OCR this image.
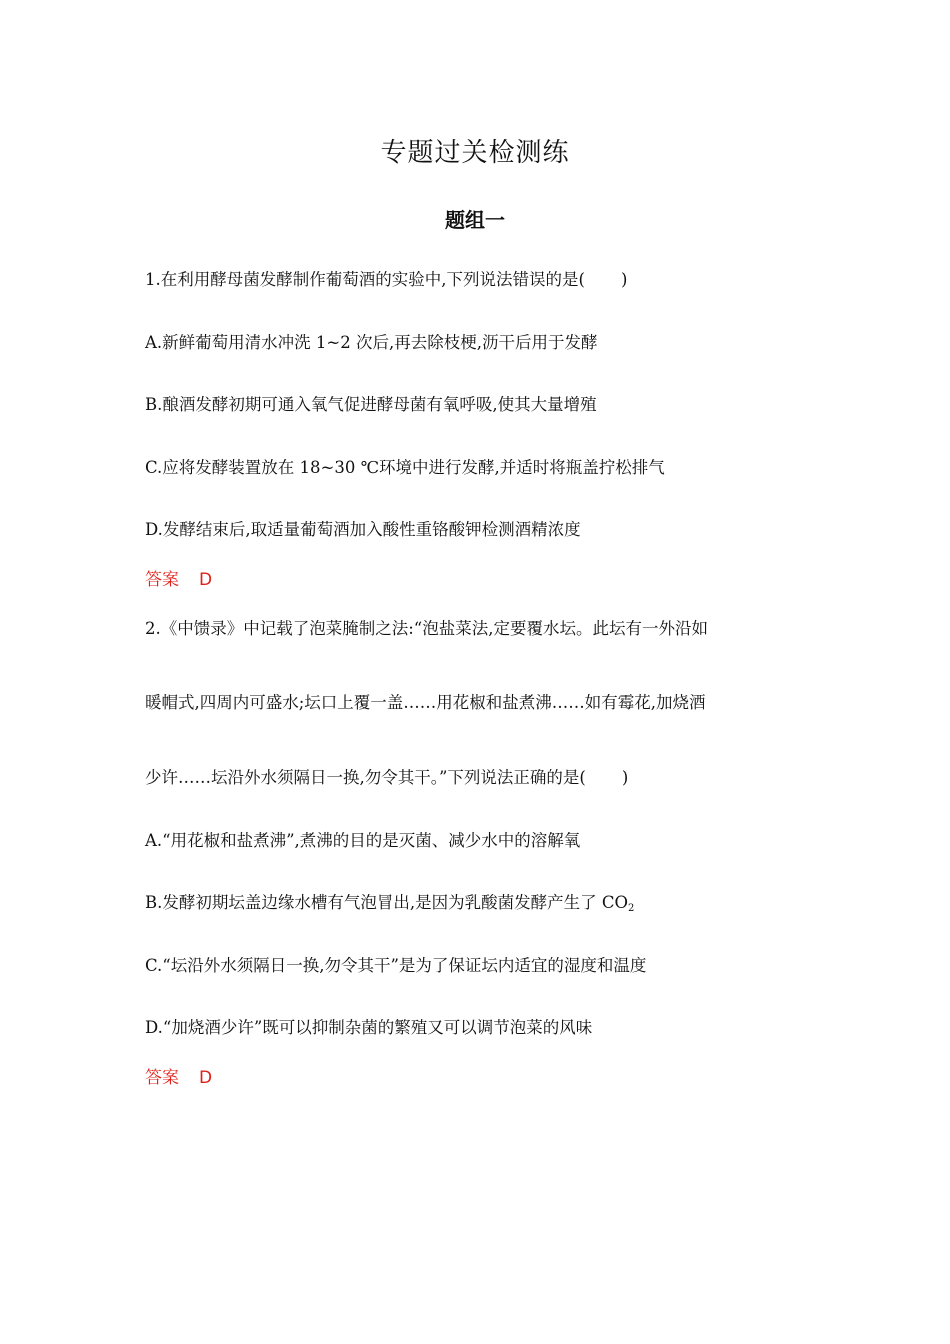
专题过关检测练
题组一
1.在利用酵母菌发酵制作葡萄酒的实验中,下列说法错误的是( )
A.新鲜葡萄用清水冲洗 1~2 次后,再去除枝梗,沥干后用于发酵
B.酿酒发酵初期可通入氧气促进酵母菌有氧呼吸,使其大量增殖
C.应将发酵装置放在 18~30 ℃环境中进行发酵,并适时将瓶盖拧松排气
D.发酵结束后,取适量葡萄酒加入酸性重铬酸钾检测酒精浓度
答案 D
2.《中馈录》中记载了泡菜腌制之法:“泡盐菜法,定要覆水坛。此坛有一外沿如
暖帽式,四周内可盛水;坛口上覆一盖……用花椒和盐煮沸……如有霉花,加烧酒
少许……坛沿外水须隔日一换,勿令其干。”下列说法正确的是( )
A.“用花椒和盐煮沸”,煮沸的目的是灭菌、减少水中的溶解氧
B.发酵初期坛盖边缘水槽有气泡冒出,是因为乳酸菌发酵产生了 $CO_2$
C.“坛沿外水须隔日一换,勿令其干”是为了保证坛内适宜的湿度和温度
D.“加烧酒少许”既可以抑制杂菌的繁殖又可以调节泡菜的风味
答案 D
